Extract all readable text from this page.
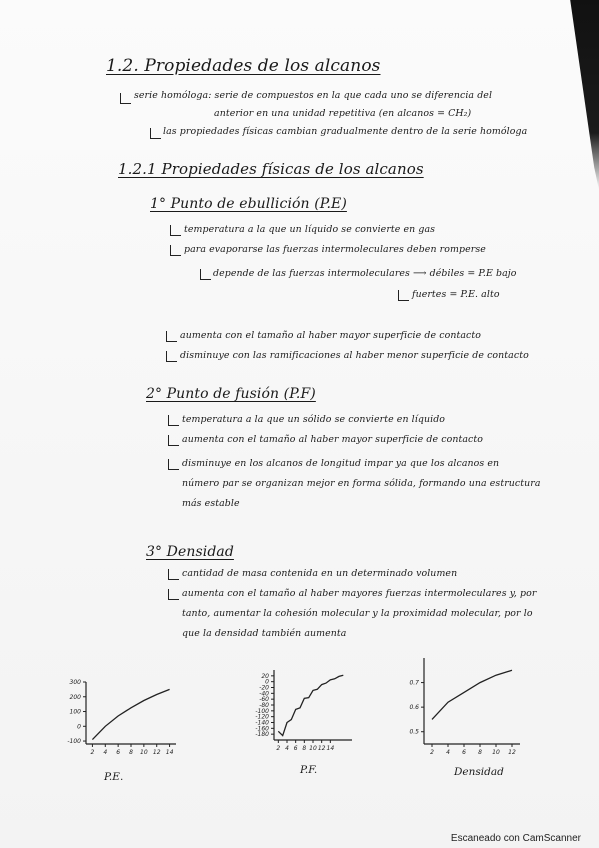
1.2. Propiedades de los alcanos
serie homóloga: serie de compuestos en la que cada uno se diferencia del
anterior en una unidad repetitiva (en alcanos = CH₂)
las propiedades físicas cambian gradualmente dentro de la serie homóloga
1.2.1 Propiedades físicas de los alcanos
1° Punto de ebullición (P.E)
temperatura a la que un líquido se convierte en gas
para evaporarse las fuerzas intermoleculares deben romperse
depende de las fuerzas intermoleculares ⟶ débiles = P.E bajo
fuertes = P.E. alto
aumenta con el tamaño al haber mayor superficie de contacto
disminuye con las ramificaciones al haber menor superficie de contacto
2° Punto de fusión (P.F)
temperatura a la que un sólido se convierte en líquido
aumenta con el tamaño al haber mayor superficie de contacto
disminuye en los alcanos de longitud impar ya que los alcanos en
número par se organizan mejor en forma sólida, formando una estructura
más estable
3° Densidad
cantidad de masa contenida en un determinado volumen
aumenta con el tamaño al haber mayores fuerzas intermoleculares y, por
tanto, aumentar la cohesión molecular y la proximidad molecular, por lo
que la densidad también aumenta
2 4 6 8 10 12 14
300
200
100
0
-100
2 4 6 8 10 12 14
20
0
-20
-40
-60
-80
-100
-120
-140
-160
-180
2 4 6 8 10 12
0.7
0.6
0.5
P.E.
P.F.	Densidad
Escaneado con CamScanner
